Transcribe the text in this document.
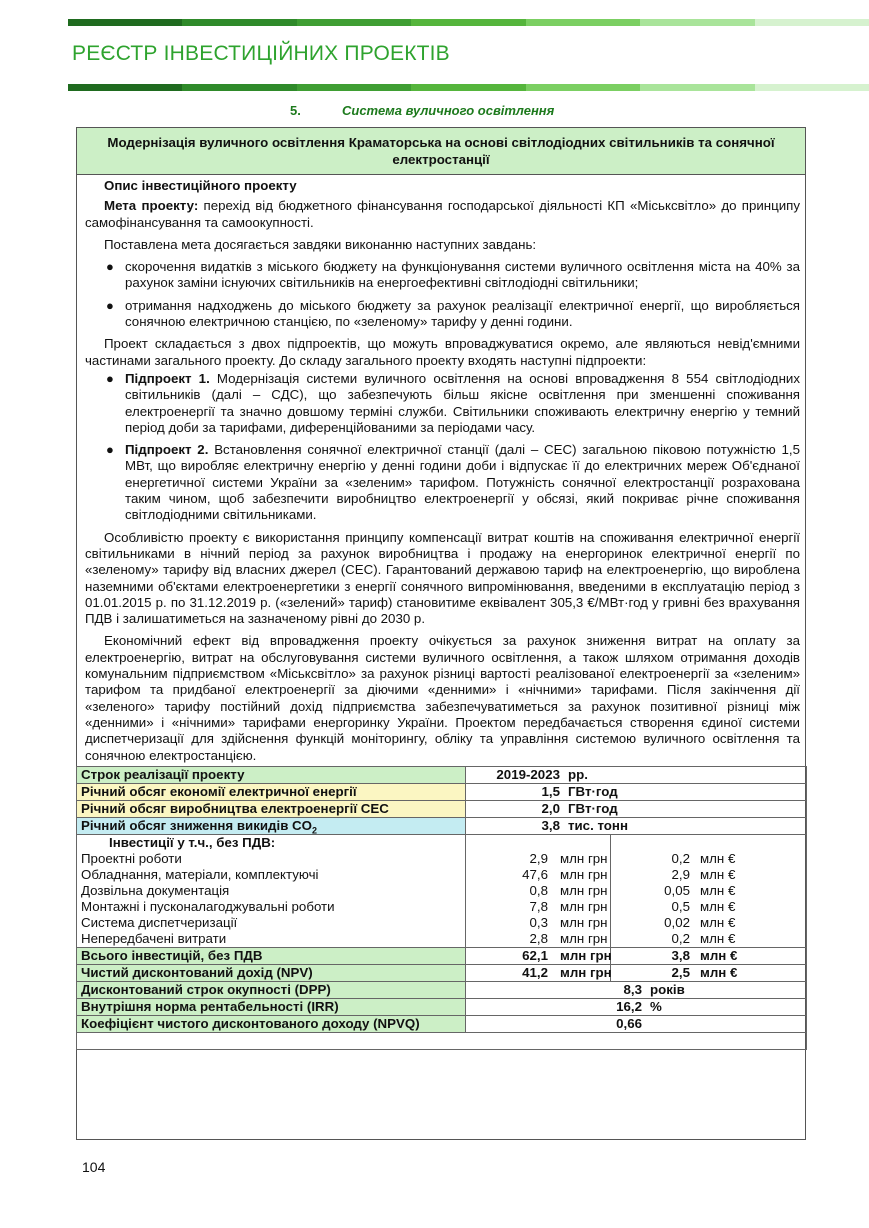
РЕЄСТР ІНВЕСТИЦІЙНИХ ПРОЕКТІВ
5.	Система вуличного освітлення
Модернізація вуличного освітлення Краматорська на основі світлодіодних світильників та сонячної електростанції

Опис інвестиційного проекту

Мета проекту: перехід від бюджетного фінансування господарської діяльності КП «Міськсвітло» до принципу самофінансування та самоокупності.

Поставлена мета досягається завдяки виконанню наступних завдань:

● скорочення видатків з міського бюджету на функціонування системи вуличного освітлення міста на 40% за рахунок заміни існуючих світильників на енергоефективні світлодіодні світильники;
● отримання надходжень до міського бюджету за рахунок реалізації електричної енергії, що виробляється сонячною електричною станцією, по «зеленому» тарифу у денні години.

Проект складається з двох підпроектів, що можуть впроваджуватися окремо, але являються невід'ємними частинами загального проекту. До складу загального проекту входять наступні підпроекти:

● Підпроект 1. Модернізація системи вуличного освітлення на основі впровадження 8 554 світлодіодних світильників (далі – СДС), що забезпечують більш якісне освітлення при зменшенні споживання електроенергії та значно довшому терміні служби. Світильники споживають електричну енергію у темний період доби за тарифами, диференційованими за періодами часу.
● Підпроект 2. Встановлення сонячної електричної станції (далі – СЕС) загальною піковою потужністю 1,5 МВт, що виробляє електричну енергію у денні години доби і відпускає її до електричних мереж Об'єднаної енергетичної системи України за «зеленим» тарифом. Потужність сонячної електростанції розрахована таким чином, щоб забезпечити виробництво електроенергії у обсязі, який покриває річне споживання світлодіодними світильниками.

Особливістю проекту є використання принципу компенсації витрат коштів на споживання електричної енергії світильниками в нічний період за рахунок виробництва і продажу на енергоринок електричної енергії по «зеленому» тарифу від власних джерел (СЕС). Гарантований державою тариф на електроенергію, що вироблена наземними об'єктами електроенергетики з енергії сонячного випромінювання, введеними в експлуатацію період з 01.01.2015 р. по 31.12.2019 р. («зелений» тариф) становитиме еквівалент 305,3 €/МВт·год у гривні без врахування ПДВ і залишатиметься на зазначеному рівні до 2030 р.

Економічний ефект від впровадження проекту очікується за рахунок зниження витрат на оплату за електроенергію, витрат на обслуговування системи вуличного освітлення, а також шляхом отримання доходів комунальним підприємством «Міськсвітло» за рахунок різниці вартості реалізованої електроенергії за «зеленим» тарифом та придбаної електроенергії за діючими «денними» і «нічними» тарифами. Після закінчення дії «зеленого» тарифу постійний дохід підприємства забезпечуватиметься за рахунок позитивної різниці між «денними» і «нічними» тарифами енергоринку України. Проектом передбачається створення єдиної системи диспетчеризації для здійснення функцій моніторингу, обліку та управління системою вуличного освітлення та сонячною електростанцією.

Строк реалізації проекту	2019-2023 рр.	
Річний обсяг економії електричної енергії	1,5 ГВт·год	
Річний обсяг виробництва електроенергії СЕС	2,0 ГВт·год	
Річний обсяг зниження викидів $CO_2$	3,8 тис. тонн	
Інвестиції у т.ч., без ПДВ:		
Проектні роботи	2,9 млн грн	0,2 млн €
Обладнання, матеріали, комплектуючі	47,6 млн грн	2,9 млн €
Дозвільна документація	0,8 млн грн	0,05 млн €
Монтажні і пусконалагоджувальні роботи	7,8 млн грн	0,5 млн €
Система диспетчеризації	0,3 млн грн	0,02 млн €
Непередбачені витрати	2,8 млн грн	0,2 млн €
Всього інвестицій, без ПДВ	62,1 млн грн	3,8 млн €
Чистий дисконтований дохід (NPV)	41,2 млн грн	2,5 млн €
Дисконтований строк окупності (DPP)	8,3 років	
Внутрішня норма рентабельності (IRR)	16,2 %	
Коефіцієнт чистого дисконтованого доходу (NPVQ)	0,66	

104
